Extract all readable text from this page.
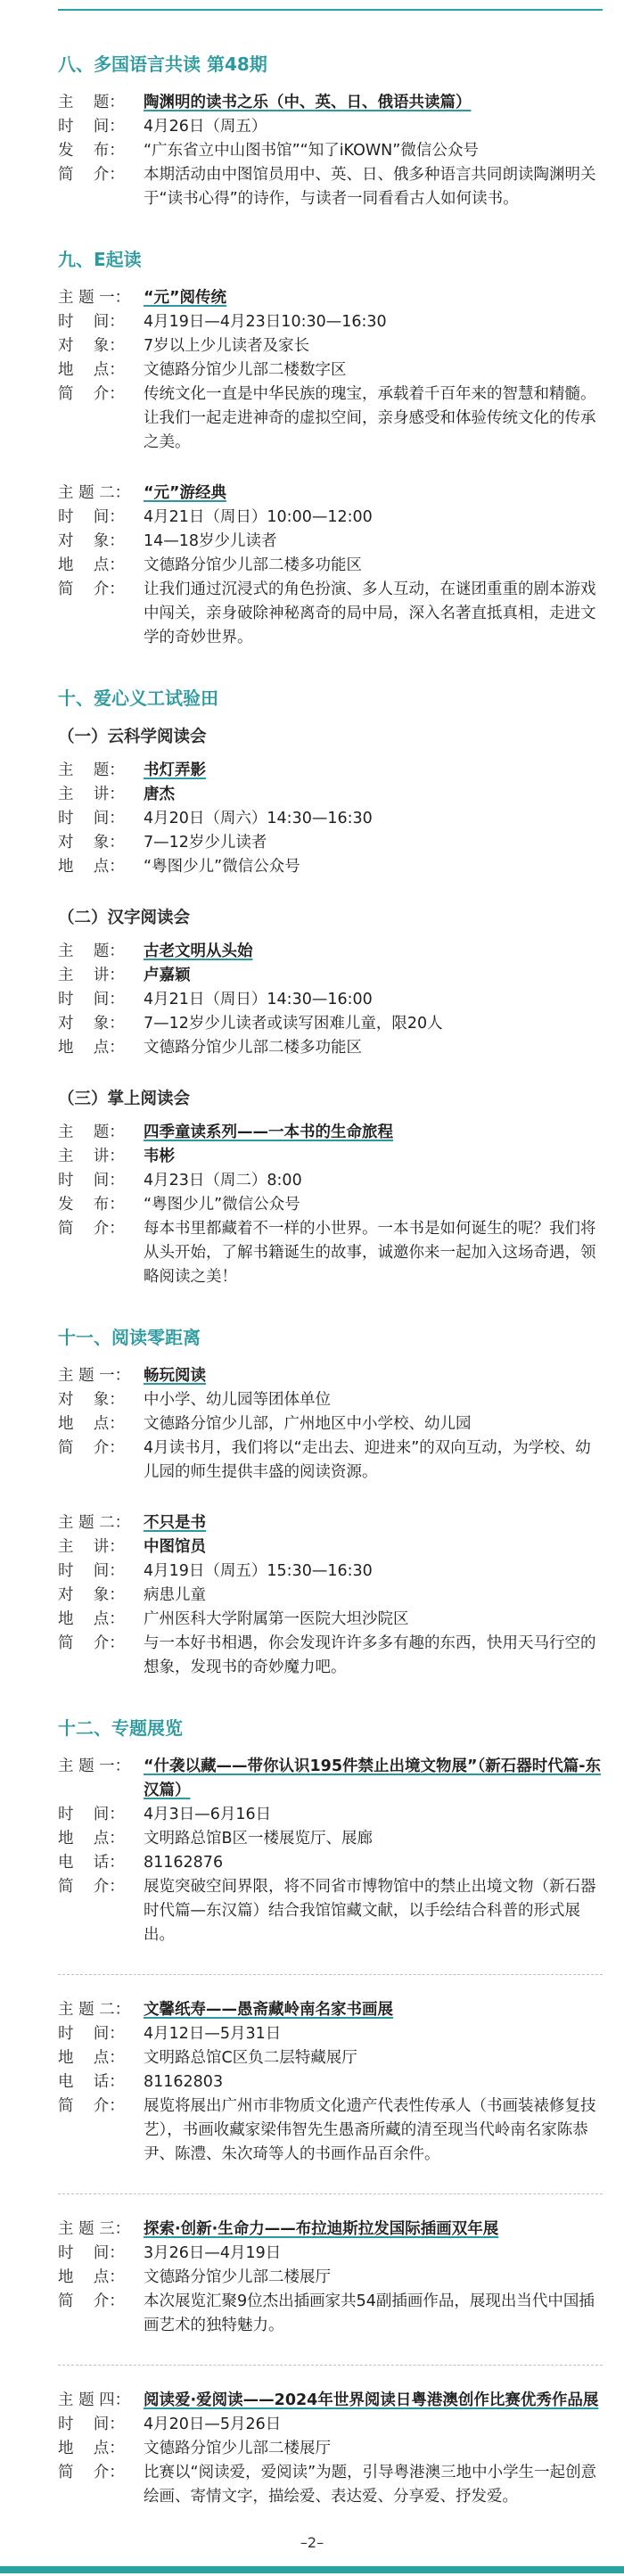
八、多国语言共读 第48期
主    题：	陶渊明的读书之乐（中、英、日、俄语共读篇）
时    间：	4月26日（周五）
发    布：	“广东省立中山图书馆”“知了iKOWN”微信公众号
简    介：	本期活动由中图馆员用中、英、日、俄多种语言共同朗读陶渊明关于“读书心得”的诗作，与读者一同看看古人如何读书。
九、E起读
主 题 一： “元”阅传统
时    间：	4月19日—4月23日10:30—16:30
对    象：	7岁以上少儿读者及家长
地    点：	文德路分馆少儿部二楼数字区
简    介：	传统文化一直是中华民族的瑰宝，承载着千百年来的智慧和精髓。让我们一起走进神奇的虚拟空间，亲身感受和体验传统文化的传承之美。
主 题 二： “元”游经典
时    间：	4月21日（周日）10:00—12:00
对    象：	14—18岁少儿读者
地    点：	文德路分馆少儿部二楼多功能区
简    介：	让我们通过沉浸式的角色扮演、多人互动，在谜团重重的剧本游戏中闯关，亲身破除神秘离奇的局中局，深入名著直抵真相，走进文学的奇妙世界。
十、爱心义工试验田
（一）云科学阅读会
主    题：	书灯弄影
主    讲：	唐杰
时    间：	4月20日（周六）14:30—16:30
对    象：	7—12岁少儿读者
地    点：	“粤图少儿”微信公众号
（二）汉字阅读会
主    题：	古老文明从头始
主    讲：	卢嘉颖
时    间：	4月21日（周日）14:30—16:00
对    象：	7—12岁少儿读者或读写困难儿童，限20人
地    点：	文德路分馆少儿部二楼多功能区
（三）掌上阅读会
主    题：	四季童读系列——一本书的生命旅程
主    讲：	韦彬
时    间：	4月23日（周二）8:00
发    布：	“粤图少儿”微信公众号
简    介：	每本书里都藏着不一样的小世界。一本书是如何诞生的呢？我们将从头开始，了解书籍诞生的故事，诚邀你来一起加入这场奇遇，领略阅读之美！
十一、阅读零距离
主 题 一： 畅玩阅读
对    象：	中小学、幼儿园等团体单位
地    点：	文德路分馆少儿部，广州地区中小学校、幼儿园
简    介：	4月读书月，我们将以“走出去、迎进来”的双向互动，为学校、幼儿园的师生提供丰盛的阅读资源。
主 题 二： 不只是书
主    讲：	中图馆员
时    间：	4月19日（周五）15:30—16:30
对    象：	病患儿童
地    点：	广州医科大学附属第一医院大坦沙院区
简    介：	与一本好书相遇，你会发现许许多多有趣的东西，快用天马行空的想象，发现书的奇妙魔力吧。
十二、专题展览
主 题 一： “什袭以藏——带你认识195件禁止出境文物展”（新石器时代篇-东汉篇）
时    间：	4月3日—6月16日
地    点：	文明路总馆B区一楼展览厅、展廊
电    话：	81162876
简    介：	展览突破空间界限，将不同省市博物馆中的禁止出境文物（新石器时代篇—东汉篇）结合我馆馆藏文献，以手绘结合科普的形式展出。
主 题 二： 文馨纸寿——愚斋藏岭南名家书画展
时    间：	4月12日—5月31日
地    点：	文明路总馆C区负二层特藏展厅
电    话：	81162803
简    介：	展览将展出广州市非物质文化遗产代表性传承人（书画装裱修复技艺），书画收藏家梁伟智先生愚斋所藏的清至现当代岭南名家陈恭尹、陈澧、朱次琦等人的书画作品百余件。
主 题 三： 探索·创新·生命力——布拉迪斯拉发国际插画双年展
时    间：	3月26日—4月19日
地    点：	文德路分馆少儿部二楼展厅
简    介：	本次展览汇聚9位杰出插画家共54副插画作品，展现出当代中国插画艺术的独特魅力。
主 题 四： 阅读爱·爱阅读——2024年世界阅读日粤港澳创作比赛优秀作品展
时    间：	4月20日—5月26日
地    点：	文德路分馆少儿部二楼展厅
简    介：	比赛以“阅读爱，爱阅读”为题，引导粤港澳三地中小学生一起创意绘画、寄情文字，描绘爱、表达爱、分享爱、抒发爱。
–2–
